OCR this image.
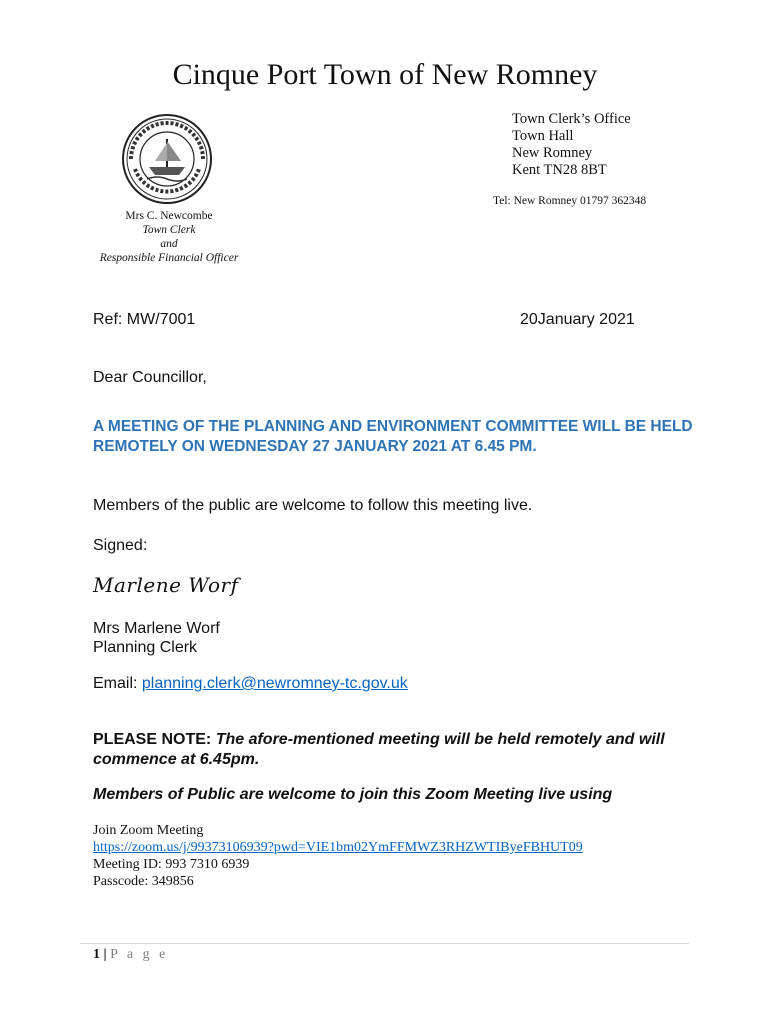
Cinque Port Town of New Romney
Town Clerk’s Office
Town Hall
New Romney
Kent TN28 8BT
Tel: New Romney 01797 362348
Mrs C. Newcombe
Town Clerk
and
Responsible Financial Officer
Ref: MW/7001	20January 2021
Dear Councillor,
A MEETING OF THE PLANNING AND ENVIRONMENT COMMITTEE WILL BE HELD REMOTELY ON WEDNESDAY 27 JANUARY 2021 AT 6.45 PM.
Members of the public are welcome to follow this meeting live.
Signed:
Marlene Worf
Mrs Marlene Worf
Planning Clerk
Email: planning.clerk@newromney-tc.gov.uk
PLEASE NOTE: The afore-mentioned meeting will be held remotely and will commence at 6.45pm.
Members of Public are welcome to join this Zoom Meeting live using
Join Zoom Meeting
https://zoom.us/j/99373106939?pwd=VIE1bm02YmFFMWZ3RHZWTIByeFBHUT09
Meeting ID: 993 7310 6939
Passcode: 349856
1 | P a g e
